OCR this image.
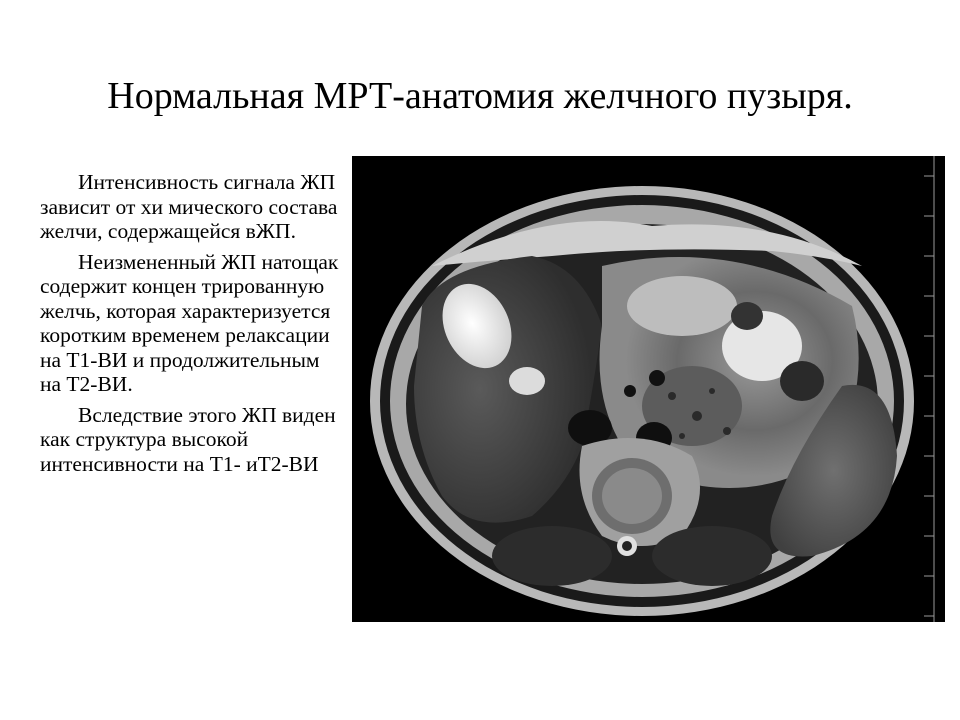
Нормальная МРТ-анатомия желчного пузыря.

Интенсивность сигнала ЖП зависит от хи мического состава желчи, содержащейся вЖП.

Неизмененный ЖП натощак содержит концен трированную желчь, которая характеризуется коротким временем релаксации на Т1-ВИ и продолжительным на Т2-ВИ.

Вследствие этого ЖП виден как структура высокой интенсивности на Т1- иТ2-ВИ
